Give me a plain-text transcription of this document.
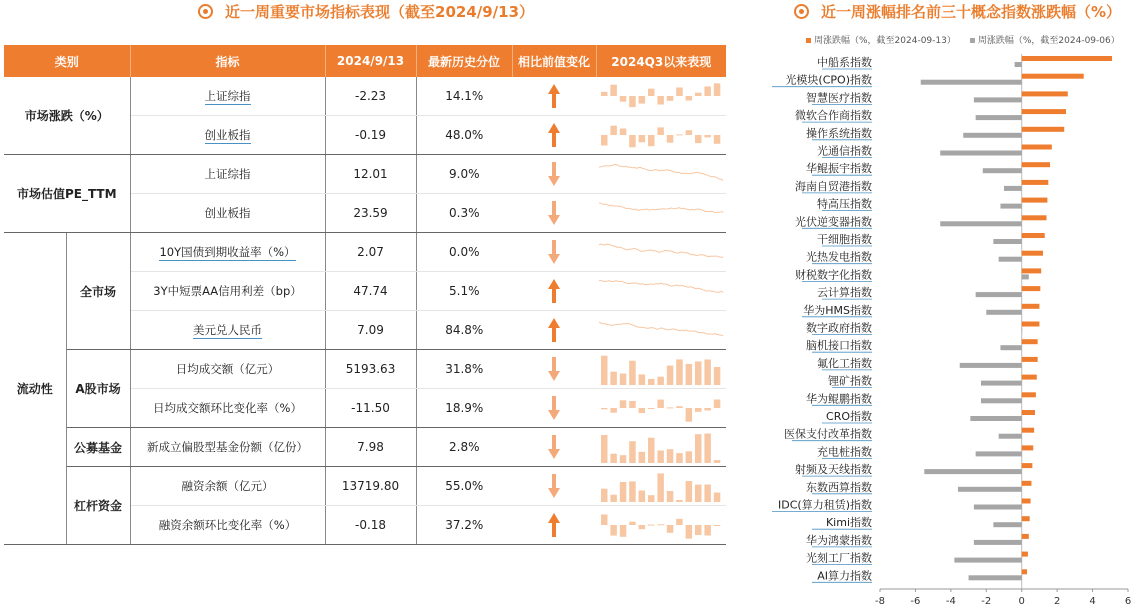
近一周重要市场指标表现（截至2024/9/13）	近一周涨幅排名前三十概念指数涨跌幅（%）
类别		指标	2024/9/13	最新历史分位	相比前值变化	2024Q3以来表现
市场涨跌（%）		上证综指	-2.23	14.1%	

		创业板指	-0.19	48.0%	

市场估值PE_TTM		上证综指	12.01	9.0%	

		创业板指	23.59	0.3%	

流动性	全市场	10Y国债到期收益率（%）	2.07	0.0%	

		3Y中短票AA信用利差（bp）	47.74	5.1%	

		美元兑人民币	7.09	84.8%	

	A股市场	日均成交额（亿元）	5193.63	31.8%	

		日均成交额环比变化率（%）	-11.50	18.9%	

	公募基金	新成立偏股型基金份额（亿份）	7.98	2.8%	

	杠杆资金	融资余额（亿元）	13719.80	55.0%	

		融资余额环比变化率（%）	-0.18	37.2%	

周涨跌幅（%，截至2024-09-13）	周涨跌幅（%，截至2024-09-06）
-8	-6	-4	-2	0	2	4	6
中船系指数
光模块(CPO)指数
智慧医疗指数
微软合作商指数
操作系统指数
光通信指数
华鲲振宇指数
海南自贸港指数
特高压指数
光伏逆变器指数
干细胞指数
光热发电指数
财税数字化指数
云计算指数
华为HMS指数
数字政府指数
脑机接口指数
氟化工指数
锂矿指数
华为鲲鹏指数
CRO指数
医保支付改革指数
充电桩指数
射频及天线指数
东数西算指数
IDC(算力租赁)指数
Kimi指数
华为鸿蒙指数
光刻工厂指数
AI算力指数
